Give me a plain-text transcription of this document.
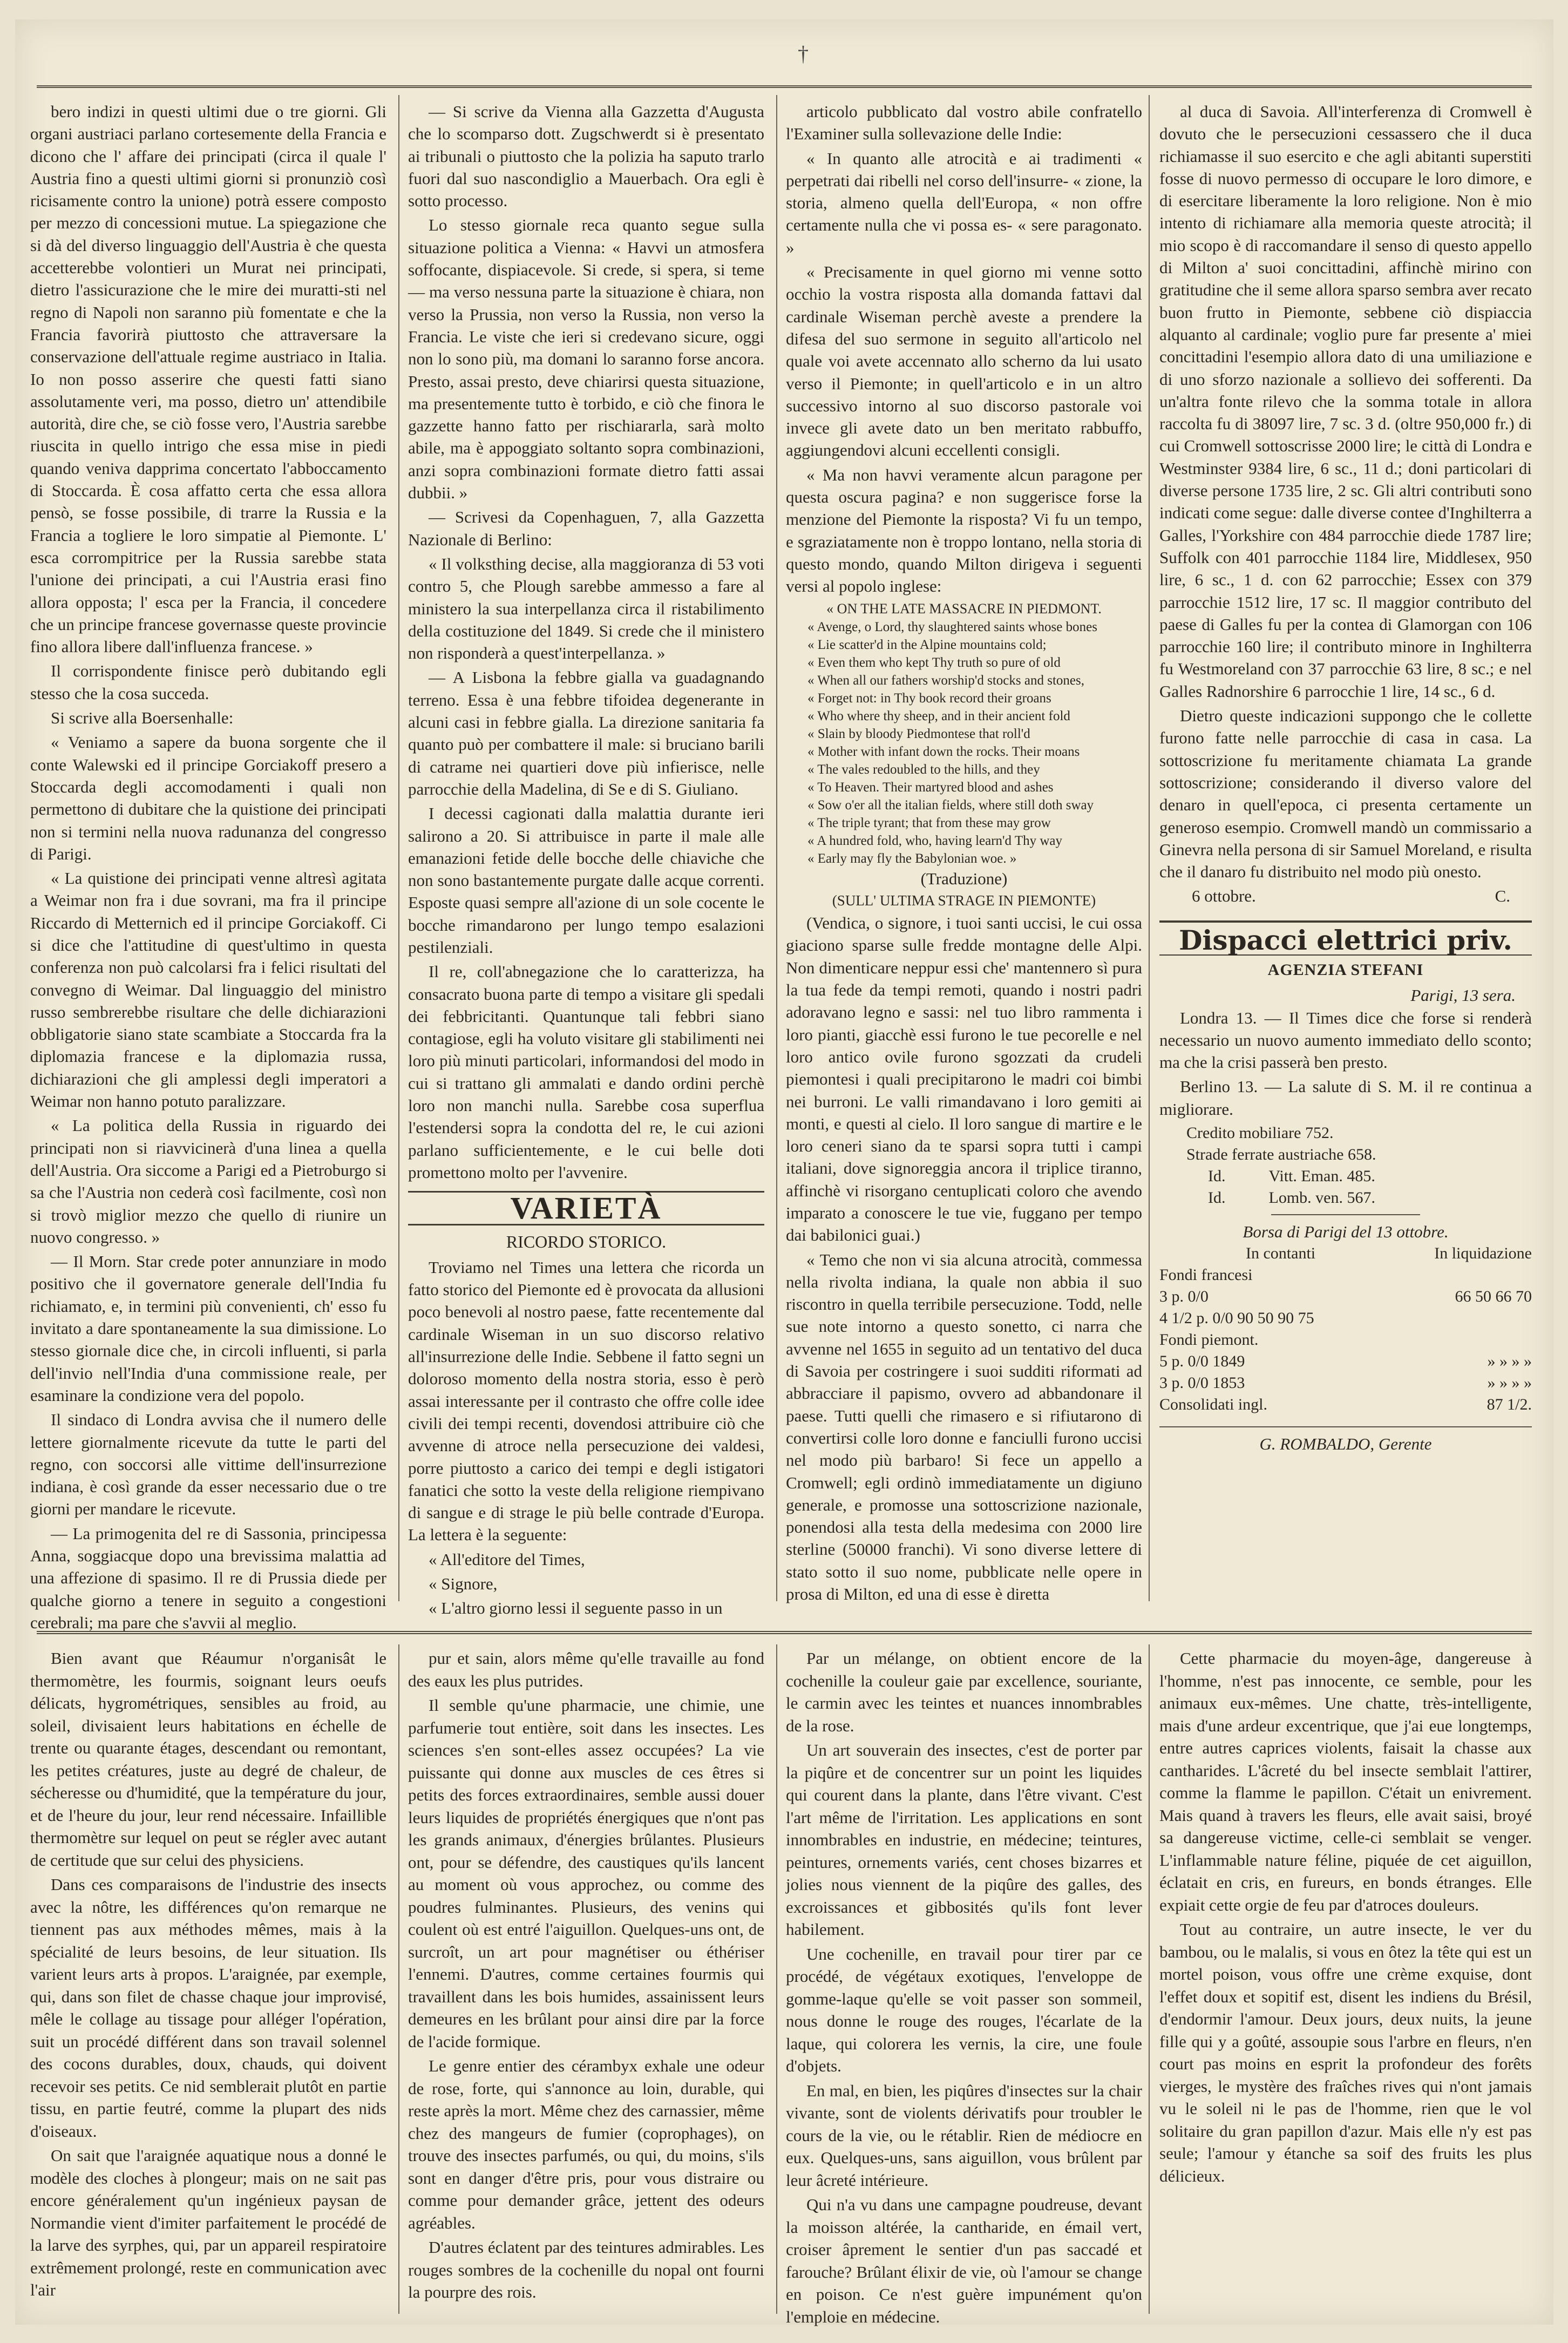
†

bero indizi in questi ultimi due o tre giorni. Gli organi austriaci parlano cortesemente della Francia e dicono che l' affare dei principati (circa il quale l' Austria fino a questi ultimi giorni si pronunziò così ricisamente contro la unione) potrà essere composto per mezzo di concessioni mutue. La spiegazione che si dà del diverso linguaggio dell'Austria è che questa accetterebbe volontieri un Murat nei principati, dietro l'assicurazione che le mire dei muratti-sti nel regno di Napoli non saranno più fomentate e che la Francia favorirà piuttosto che attraversare la conservazione dell'attuale regime austriaco in Italia. Io non posso asserire che questi fatti siano assolutamente veri, ma posso, dietro un' attendibile autorità, dire che, se ciò fosse vero, l'Austria sarebbe riuscita in quello intrigo che essa mise in piedi quando veniva dapprima concertato l'abboccamento di Stoccarda. È cosa affatto certa che essa allora pensò, se fosse possibile, di trarre la Russia e la Francia a togliere le loro simpatie al Piemonte. L' esca corrompitrice per la Russia sarebbe stata l'unione dei principati, a cui l'Austria erasi fino allora opposta; l' esca per la Francia, il concedere che un principe francese governasse queste provincie fino allora libere dall'influenza francese. »

Il corrispondente finisce però dubitando egli stesso che la cosa succeda.

Si scrive alla Boersenhalle:

« Veniamo a sapere da buona sorgente che il conte Walewski ed il principe Gorciakoff presero a Stoccarda degli accomodamenti i quali non permettono di dubitare che la quistione dei principati non si termini nella nuova radunanza del congresso di Parigi.

« La quistione dei principati venne altresì agitata a Weimar non fra i due sovrani, ma fra il principe Riccardo di Metternich ed il principe Gorciakoff. Ci si dice che l'attitudine di quest'ultimo in questa conferenza non può calcolarsi fra i felici risultati del convegno di Weimar. Dal linguaggio del ministro russo sembrerebbe risultare che delle dichiarazioni obbligatorie siano state scambiate a Stoccarda fra la diplomazia francese e la diplomazia russa, dichiarazioni che gli amplessi degli imperatori a Weimar non hanno potuto paralizzare.

« La politica della Russia in riguardo dei principati non si riavvicinerà d'una linea a quella dell'Austria. Ora siccome a Parigi ed a Pietroburgo si sa che l'Austria non cederà così facilmente, così non si trovò miglior mezzo che quello di riunire un nuovo congresso. »

— Il Morn. Star crede poter annunziare in modo positivo che il governatore generale dell'India fu richiamato, e, in termini più convenienti, ch' esso fu invitato a dare spontaneamente la sua dimissione. Lo stesso giornale dice che, in circoli influenti, si parla dell'invio nell'India d'una commissione reale, per esaminare la condizione vera del popolo.

Il sindaco di Londra avvisa che il numero delle lettere giornalmente ricevute da tutte le parti del regno, con soccorsi alle vittime dell'insurrezione indiana, è così grande da esser necessario due o tre giorni per mandare le ricevute.

— La primogenita del re di Sassonia, principessa Anna, soggiacque dopo una brevissima malattia ad una affezione di spasimo. Il re di Prussia diede per qualche giorno a tenere in seguito a congestioni cerebrali; ma pare che s'avvii al meglio.

— Si scrive da Vienna alla Gazzetta d'Augusta che lo scomparso dott. Zugschwerdt si è presentato ai tribunali o piuttosto che la polizia ha saputo trarlo fuori dal suo nascondiglio a Mauerbach. Ora egli è sotto processo.

Lo stesso giornale reca quanto segue sulla situazione politica a Vienna: « Havvi un atmosfera soffocante, dispiacevole. Si crede, si spera, si teme — ma verso nessuna parte la situazione è chiara, non verso la Prussia, non verso la Russia, non verso la Francia. Le viste che ieri si credevano sicure, oggi non lo sono più, ma domani lo saranno forse ancora. Presto, assai presto, deve chiarirsi questa situazione, ma presentemente tutto è torbido, e ciò che finora le gazzette hanno fatto per rischiararla, sarà molto abile, ma è appoggiato soltanto sopra combinazioni, anzi sopra combinazioni formate dietro fatti assai dubbii. »

— Scrivesi da Copenhaguen, 7, alla Gazzetta Nazionale di Berlino:

« Il volksthing decise, alla maggioranza di 53 voti contro 5, che Plough sarebbe ammesso a fare al ministero la sua interpellanza circa il ristabilimento della costituzione del 1849. Si crede che il ministero non risponderà a quest'interpellanza. »

— A Lisbona la febbre gialla va guadagnando terreno. Essa è una febbre tifoidea degenerante in alcuni casi in febbre gialla. La direzione sanitaria fa quanto può per combattere il male: si bruciano barili di catrame nei quartieri dove più infierisce, nelle parrocchie della Madelina, di Se e di S. Giuliano.

I decessi cagionati dalla malattia durante ieri salirono a 20. Si attribuisce in parte il male alle emanazioni fetide delle bocche delle chiaviche che non sono bastantemente purgate dalle acque correnti. Esposte quasi sempre all'azione di un sole cocente le bocche rimandarono per lungo tempo esalazioni pestilenziali.

Il re, coll'abnegazione che lo caratterizza, ha consacrato buona parte di tempo a visitare gli spedali dei febbricitanti. Quantunque tali febbri siano contagiose, egli ha voluto visitare gli stabilimenti nei loro più minuti particolari, informandosi del modo in cui si trattano gli ammalati e dando ordini perchè loro non manchi nulla. Sarebbe cosa superflua l'estendersi sopra la condotta del re, le cui azioni parlano sufficientemente, e le cui belle doti promettono molto per l'avvenire.

VARIETÀ
RICORDO STORICO.

Troviamo nel Times una lettera che ricorda un fatto storico del Piemonte ed è provocata da allusioni poco benevoli al nostro paese, fatte recentemente dal cardinale Wiseman in un suo discorso relativo all'insurrezione delle Indie. Sebbene il fatto segni un doloroso momento della nostra storia, esso è però assai interessante per il contrasto che offre colle idee civili dei tempi recenti, dovendosi attribuire ciò che avvenne di atroce nella persecuzione dei valdesi, porre piuttosto a carico dei tempi e degli istigatori fanatici che sotto la veste della religione riempivano di sangue e di strage le più belle contrade d'Europa. La lettera è la seguente:

« All'editore del Times,

« Signore,

« L'altro giorno lessi il seguente passo in un

articolo pubblicato dal vostro abile confratello l'Examiner sulla sollevazione delle Indie:

« In quanto alle atrocità e ai tradimenti « perpetrati dai ribelli nel corso dell'insurre- « zione, la storia, almeno quella dell'Europa, « non offre certamente nulla che vi possa es- « sere paragonato. »

« Precisamente in quel giorno mi venne sotto occhio la vostra risposta alla domanda fattavi dal cardinale Wiseman perchè aveste a prendere la difesa del suo sermone in seguito all'articolo nel quale voi avete accennato allo scherno da lui usato verso il Piemonte; in quell'articolo e in un altro successivo intorno al suo discorso pastorale voi invece gli avete dato un ben meritato rabbuffo, aggiungendovi alcuni eccellenti consigli.

« Ma non havvi veramente alcun paragone per questa oscura pagina? e non suggerisce forse la menzione del Piemonte la risposta? Vi fu un tempo, e sgraziatamente non è troppo lontano, nella storia di questo mondo, quando Milton dirigeva i seguenti versi al popolo inglese:

« ON THE LATE MASSACRE IN PIEDMONT.
« Avenge, o Lord, thy slaughtered saints whose bones
« Lie scatter'd in the Alpine mountains cold;
« Even them who kept Thy truth so pure of old
« When all our fathers worship'd stocks and stones,
« Forget not: in Thy book record their groans
« Who where thy sheep, and in their ancient fold
« Slain by bloody Piedmontese that roll'd
« Mother with infant down the rocks. Their moans
« The vales redoubled to the hills, and they
« To Heaven. Their martyred blood and ashes
« Sow o'er all the italian fields, where still doth sway
« The triple tyrant; that from these may grow
« A hundred fold, who, having learn'd Thy way
« Early may fly the Babylonian woe. »
(Traduzione)
(SULL' ULTIMA STRAGE IN PIEMONTE)

(Vendica, o signore, i tuoi santi uccisi, le cui ossa giaciono sparse sulle fredde montagne delle Alpi. Non dimenticare neppur essi che' mantennero sì pura la tua fede da tempi remoti, quando i nostri padri adoravano legno e sassi: nel tuo libro rammenta i loro pianti, giacchè essi furono le tue pecorelle e nel loro antico ovile furono sgozzati da crudeli piemontesi i quali precipitarono le madri coi bimbi nei burroni. Le valli rimandavano i loro gemiti ai monti, e questi al cielo. Il loro sangue di martire e le loro ceneri siano da te sparsi sopra tutti i campi italiani, dove signoreggia ancora il triplice tiranno, affinchè vi risorgano centuplicati coloro che avendo imparato a conoscere le tue vie, fuggano per tempo dai babilonici guai.)

« Temo che non vi sia alcuna atrocità, commessa nella rivolta indiana, la quale non abbia il suo riscontro in quella terribile persecuzione. Todd, nelle sue note intorno a questo sonetto, ci narra che avvenne nel 1655 in seguito ad un tentativo del duca di Savoia per costringere i suoi sudditi riformati ad abbracciare il papismo, ovvero ad abbandonare il paese. Tutti quelli che rimasero e si rifiutarono di convertirsi colle loro donne e fanciulli furono uccisi nel modo più barbaro! Si fece un appello a Cromwell; egli ordinò immediatamente un digiuno generale, e promosse una sottoscrizione nazionale, ponendosi alla testa della medesima con 2000 lire sterline (50000 franchi). Vi sono diverse lettere di stato sotto il suo nome, pubblicate nelle opere in prosa di Milton, ed una di esse è diretta

al duca di Savoia. All'interferenza di Cromwell è dovuto che le persecuzioni cessassero che il duca richiamasse il suo esercito e che agli abitanti superstiti fosse di nuovo permesso di occupare le loro dimore, e di esercitare liberamente la loro religione. Non è mio intento di richiamare alla memoria queste atrocità; il mio scopo è di raccomandare il senso di questo appello di Milton a' suoi concittadini, affinchè mirino con gratitudine che il seme allora sparso sembra aver recato buon frutto in Piemonte, sebbene ciò dispiaccia alquanto al cardinale; voglio pure far presente a' miei concittadini l'esempio allora dato di una umiliazione e di uno sforzo nazionale a sollievo dei sofferenti. Da un'altra fonte rilevo che la somma totale in allora raccolta fu di 38097 lire, 7 sc. 3 d. (oltre 950,000 fr.) di cui Cromwell sottoscrisse 2000 lire; le città di Londra e Westminster 9384 lire, 6 sc., 11 d.; doni particolari di diverse persone 1735 lire, 2 sc. Gli altri contributi sono indicati come segue: dalle diverse contee d'Inghilterra a Galles, l'Yorkshire con 484 parrocchie diede 1787 lire; Suffolk con 401 parrocchie 1184 lire, Middlesex, 950 lire, 6 sc., 1 d. con 62 parrocchie; Essex con 379 parrocchie 1512 lire, 17 sc. Il maggior contributo del paese di Galles fu per la contea di Glamorgan con 106 parrocchie 160 lire; il contributo minore in Inghilterra fu Westmoreland con 37 parrocchie 63 lire, 8 sc.; e nel Galles Radnorshire 6 parrocchie 1 lire, 14 sc., 6 d.

Dietro queste indicazioni suppongo che le collette furono fatte nelle parrocchie di casa in casa. La sottoscrizione fu meritamente chiamata La grande sottoscrizione; considerando il diverso valore del denaro in quell'epoca, ci presenta certamente un generoso esempio. Cromwell mandò un commissario a Ginevra nella persona di sir Samuel Moreland, e risulta che il danaro fu distribuito nel modo più onesto.

6 ottobre.	C.
Dispacci elettrici priv.
AGENZIA STEFANI
Parigi, 13 sera.

Londra 13. — Il Times dice che forse si renderà necessario un nuovo aumento immediato dello sconto; ma che la crisi passerà ben presto.

Berlino 13. — La salute di S. M. il re continua a migliorare.

Credito mobiliare 752.
Strade ferrate austriache 658.
Id.	Vitt. Eman. 485.
Id.	Lomb. ven. 567.
Borsa di Parigi del 13 ottobre.
In contanti	In liquidazione
Fondi francesi
3 p. 0/0	66 50 66 70
4 1/2 p. 0/0 90 50 90 75
Fondi piemont.
5 p. 0/0 1849	» » » »
3 p. 0/0 1853	» » » »
Consolidati ingl.	87 1/2.
G. ROMBALDO, Gerente

Bien avant que Réaumur n'organisât le thermomètre, les fourmis, soignant leurs oeufs délicats, hygrométriques, sensibles au froid, au soleil, divisaient leurs habitations en échelle de trente ou quarante étages, descendant ou remontant, les petites créatures, juste au degré de chaleur, de sécheresse ou d'humidité, que la température du jour, et de l'heure du jour, leur rend nécessaire. Infaillible thermomètre sur lequel on peut se régler avec autant de certitude que sur celui des physiciens.

Dans ces comparaisons de l'industrie des insects avec la nôtre, les différences qu'on remarque ne tiennent pas aux méthodes mêmes, mais à la spécialité de leurs besoins, de leur situation. Ils varient leurs arts à propos. L'araignée, par exemple, qui, dans son filet de chasse chaque jour improvisé, mêle le collage au tissage pour alléger l'opération, suit un procédé différent dans son travail solennel des cocons durables, doux, chauds, qui doivent recevoir ses petits. Ce nid semblerait plutôt en partie tissu, en partie feutré, comme la plupart des nids d'oiseaux.

On sait que l'araignée aquatique nous a donné le modèle des cloches à plongeur; mais on ne sait pas encore généralement qu'un ingénieux paysan de Normandie vient d'imiter parfaitement le procédé de la larve des syrphes, qui, par un appareil respiratoire extrêmement prolongé, reste en communication avec l'air

pur et sain, alors même qu'elle travaille au fond des eaux les plus putrides.

Il semble qu'une pharmacie, une chimie, une parfumerie tout entière, soit dans les insectes. Les sciences s'en sont-elles assez occupées? La vie puissante qui donne aux muscles de ces êtres si petits des forces extraordinaires, semble aussi douer leurs liquides de propriétés énergiques que n'ont pas les grands animaux, d'énergies brûlantes. Plusieurs ont, pour se défendre, des caustiques qu'ils lancent au moment où vous approchez, ou comme des poudres fulminantes. Plusieurs, des venins qui coulent où est entré l'aiguillon. Quelques-uns ont, de surcroît, un art pour magnétiser ou éthériser l'ennemi. D'autres, comme certaines fourmis qui travaillent dans les bois humides, assainissent leurs demeures en les brûlant pour ainsi dire par la force de l'acide formique.

Le genre entier des cérambyx exhale une odeur de rose, forte, qui s'annonce au loin, durable, qui reste après la mort. Même chez des carnassier, même chez des mangeurs de fumier (coprophages), on trouve des insectes parfumés, ou qui, du moins, s'ils sont en danger d'être pris, pour vous distraire ou comme pour demander grâce, jettent des odeurs agréables.

D'autres éclatent par des teintures admirables. Les rouges sombres de la cochenille du nopal ont fourni la pourpre des rois.

Par un mélange, on obtient encore de la cochenille la couleur gaie par excellence, souriante, le carmin avec les teintes et nuances innombrables de la rose.

Un art souverain des insectes, c'est de porter par la piqûre et de concentrer sur un point les liquides qui courent dans la plante, dans l'être vivant. C'est l'art même de l'irritation. Les applications en sont innombrables en industrie, en médecine; teintures, peintures, ornements variés, cent choses bizarres et jolies nous viennent de la piqûre des galles, des excroissances et gibbosités qu'ils font lever habilement.

Une cochenille, en travail pour tirer par ce procédé, de végétaux exotiques, l'enveloppe de gomme-laque qu'elle se voit passer son sommeil, nous donne le rouge des rouges, l'écarlate de la laque, qui colorera les vernis, la cire, une foule d'objets.

En mal, en bien, les piqûres d'insectes sur la chair vivante, sont de violents dérivatifs pour troubler le cours de la vie, ou le rétablir. Rien de médiocre en eux. Quelques-uns, sans aiguillon, vous brûlent par leur âcreté intérieure.

Qui n'a vu dans une campagne poudreuse, devant la moisson altérée, la cantharide, en émail vert, croiser âprement le sentier d'un pas saccadé et farouche? Brûlant élixir de vie, où l'amour se change en poison. Ce n'est guère impunément qu'on l'emploie en médecine.

Cette pharmacie du moyen-âge, dangereuse à l'homme, n'est pas innocente, ce semble, pour les animaux eux-mêmes. Une chatte, très-intelligente, mais d'une ardeur excentrique, que j'ai eue longtemps, entre autres caprices violents, faisait la chasse aux cantharides. L'âcreté du bel insecte semblait l'attirer, comme la flamme le papillon. C'était un enivrement. Mais quand à travers les fleurs, elle avait saisi, broyé sa dangereuse victime, celle-ci semblait se venger. L'inflammable nature féline, piquée de cet aiguillon, éclatait en cris, en fureurs, en bonds étranges. Elle expiait cette orgie de feu par d'atroces douleurs.

Tout au contraire, un autre insecte, le ver du bambou, ou le malalis, si vous en ôtez la tête qui est un mortel poison, vous offre une crème exquise, dont l'effet doux et sopitif est, disent les indiens du Brésil, d'endormir l'amour. Deux jours, deux nuits, la jeune fille qui y a goûté, assoupie sous l'arbre en fleurs, n'en court pas moins en esprit la profondeur des forêts vierges, le mystère des fraîches rives qui n'ont jamais vu le soleil ni le pas de l'homme, rien que le vol solitaire du gran papillon d'azur. Mais elle n'y est pas seule; l'amour y étanche sa soif des fruits les plus délicieux.
